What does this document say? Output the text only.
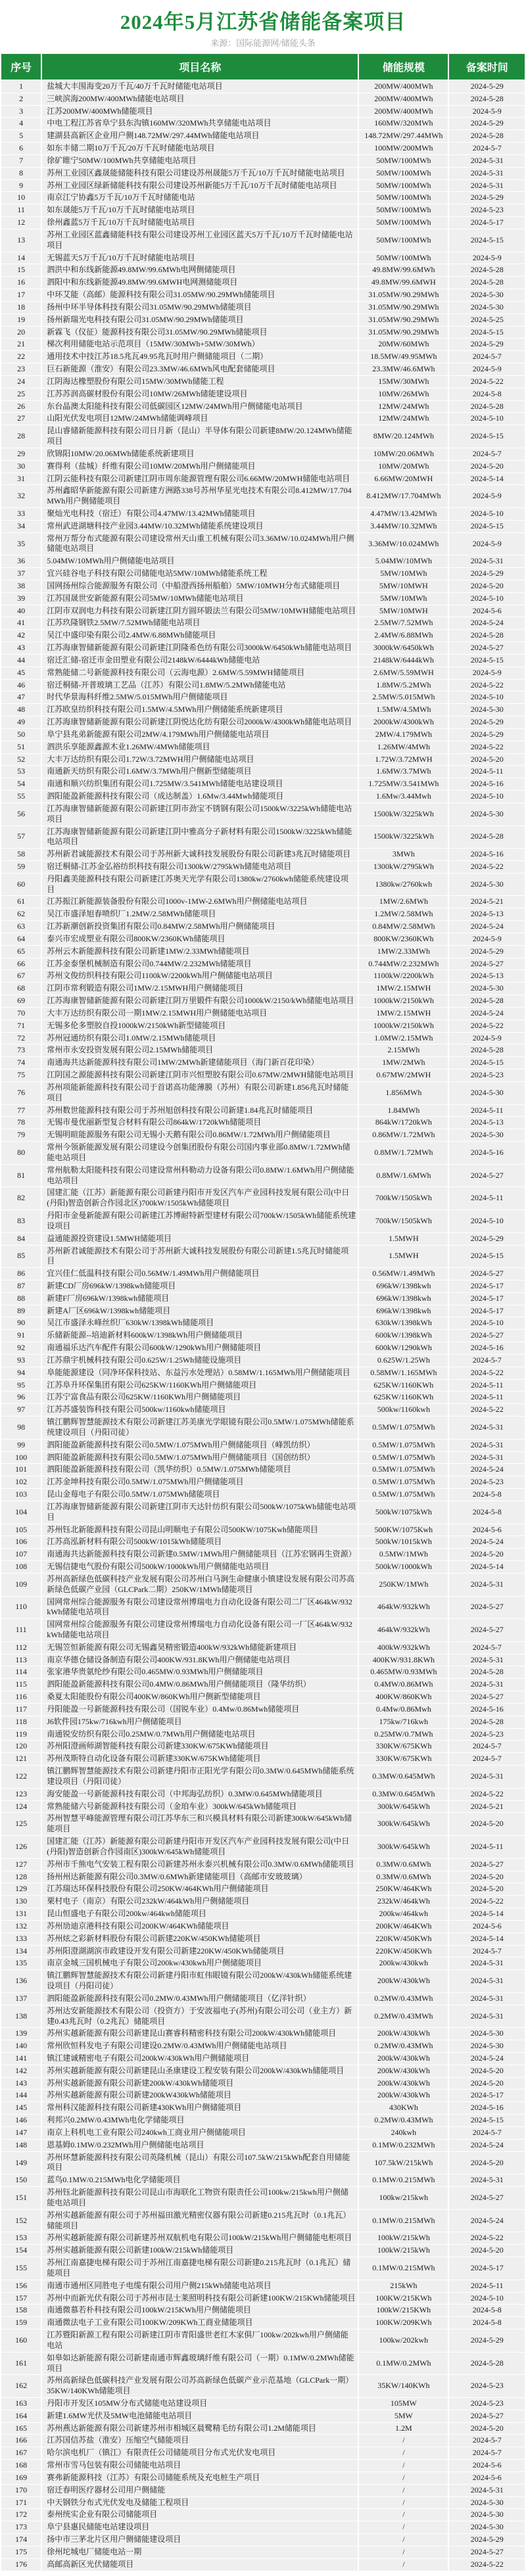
2024年5月江苏省储能备案项目
来源：国际能源网/储能头条
序号	项目名称	储能规模	备案时间
1	盐城大丰围海变20万千瓦/40万千瓦时储能电站项目	200MW/400MWh	2024-5-29
2	三峡滨海200MW/400MWh储能电站项目	200MW/400MWh	2024-5-28
3	江苏200MW/400MWh储能项目	200MW/400MWh	2024-5-9
4	中电工程江苏省阜宁县东沟镇160MW/320MWh共享储能电站项目	160MW/320MWh	2024-5-29
5	建湖县高新区企业用户侧148.72MW/297.44MWh储能电站项目	148.72MW/297.44MWh	2024-5-28
6	如东丰储二期10万千瓦/20万千瓦时储能电站项目	100MW/200MWh	2024-5-7
7	徐矿睢宁50MW/100MWh共享储能电站项目	50MW/100MWh	2024-5-31
8	苏州工业园区鑫晟能储能科技有限公司建设苏州晟能5万千瓦/10万千瓦时储能电站项目	50MW/100MWh	2024-5-31
9	苏州工业园区绿新储能科技有限公司建设苏州新能5万千瓦/10万千瓦时储能电站项目	50MW/100MWh	2024-5-31
10	南京江宁协鑫5万千瓦/10万千瓦时储能电站	50MW/100MWh	2024-5-29
11	如东晟能5万千瓦/10万千瓦时储能电站项目	50MW/100MWh	2024-5-23
12	徐州鑫蓝5万千瓦/10万千瓦时储能电站项目	50MW/100MWh	2024-5-17
13	苏州工业园区蓝鑫储能科技有限公司建设苏州工业园区蓝天5万千瓦/10万千瓦时储能电站项目	50MW/100MWh	2024-5-15
14	无锡蓝天5万千瓦/10万千瓦时储能电站项目	50MW/100MWh	2024-5-9
15	泗洪中和东线新能源49.8MW/99.6MWh电网侧储能项目	49.8MW/99.6MWh	2024-5-28
16	泗阳中和东线新能源49.8MW/99.6MWH电网测储能项目	49.8MW/99.6MWH	2024-5-28
17	中环艾能（高邮）能源科技有限公司31.05MW/90.29MWh储能项目	31.05MW/90.29MWh	2024-5-30
18	扬州中环半导体科技有限公司31.05MW/90.29MWh储能项目	31.05MW/90.29MWh	2024-5-30
19	扬州新瑞光电科技有限公司31.05MW/90.29MWh储能项目	31.05MW/90.29MWh	2024-5-25
20	新霖飞（仪征）能源科技有限公司31.05MW/90.29MWh储能项目	31.05MW/90.29MWh	2024-5-15
21	梯次利用储能电站示范项目（15MW/30MWh+5MW/30MWh）	20MW/60MWh	2024-5-29
22	通用技术中技江苏18.5兆瓦49.95兆瓦时用户侧储能项目（二期）	18.5MW/49.95MWh	2024-5-7
23	巨石新能源（淮安）有限公司23.3MW/46.6MWh风电配套储能项目	23.3MW/46.6MWh	2024-5-9
24	江阴海达橡塑股份有限公司15MW/30MWh储能工程	15MW/30MWh	2024-5-22
25	江苏苏润高碳材股份有限公司10MW/26MWh储能建设项目	10MW/26MWh	2024-5-8
26	东台晶澳太阳能科技有限公司低碳园区12MW/24MWh用户侧储能电站项目	12MW/24MWh	2024-5-28
27	山阳光伏发电项目12MW/24MWh储能调峰项目	12MW/24MWh	2024-5-10
28	昆山睿储新能源科技有限公司日月新（昆山）半导体有限公司新建8MW/20.124MWh储能项目	8MW/20.124MWh	2024-5-15
29	欣锦阳10MW/20.06MWh储能系统新建项目	10MW/20.06MWh	2024-5-7
30	赛得利（盐城）纤维有限公司10MW/20MWh用户侧储能项目	10MW/20MWh	2024-5-20
31	江阴云能科技有限公司新建江阴市周东能源管理有限公司6.66MW/20MWH储能电站项目	6.66MW/20MWH	2024-5-14
32	苏州鑫昭华新能源有限公司新建方洲路338号苏州华星光电技术有限公司8.412MW/17.704MWh用户侧储能项目	8.412MW/17.704MWh	2024-5-9
33	聚灿光电科技（宿迁）有限公司4.47MW/13.42MWh储能项目	4.47MW/13.42MWh	2024-5-10
34	常州武进湖塘科技产业园3.44MW/10.32MWh储能系统建设项目	3.44MW/10.32MWh	2024-5-15
35	常州万帮分布式能源有限公司建设常州天山重工机械有限公司3.36MW/10.024MWh用户侧储能电站项目	3.36MW/10.024MWh	2024-5-9
36	5.04MW/10MWh用户侧储能电站项目	5.04MW/10MWh	2024-5-31
37	宜兴硅谷电子科技有限公司储能电站5MW/10MWh储能系统工程	5MW/10MWh	2024-5-29
38	国网扬州综合能源服务有限公司（中船澄西扬州船舶）5MW/10MWH分布式储能项目	5MW/10MWH	2024-5-20
39	江苏国晟世安新能源有限公司5MW/10MWh储能电站项目	5MW/10MWh	2024-5-10
40	江阴市双润电力科技有限公司新建江阴方圆环锻法兰有限公司5MW/10MWH储能电站项目	5MW/10MWH	2024-5-6
41	江苏玖隆钢铁2.5MW/7.52MWh储能电站项目	2.5MW/7.52MWh	2024-5-24
42	吴江中盛印染有限公司2.4MW/6.88MWh储能项目	2.4MW/6.88MWh	2024-5-28
43	江苏海康智储新能源有限公司新建江阴隆希色纺有限公司3000kW/6450kWh储能电站项目	3000kW/6450kWh	2024-5-27
44	宿迁汇储-宿迁市金田塑业有限公司2148kW/6444kWh储能电站	2148kW/6444kWh	2024-5-15
45	常熟能储二号新能源科技有限公司（云海电源）2.6MW/5.59MWH储能项目	2.6MW/5.59MWH	2024-5-9
46	宿迁桐储-开普玻璃工艺品（江苏）有限公司1.8MW/5.2MWh储能电站	1.8MW/5.2MWh	2024-5-22
47	时代华景海科纤维2.5MW/5.015MWh用户侧储能项目	2.5MW/5.015MWh	2024-5-10
48	江苏欧皇纺织科技有限公司1.5MW/4.5MWh用户侧储能系统新建项目	1.5MW/4.5MWh	2024-5-30
49	江苏海康智储新能源有限公司新建江阴悦达化纺有限公司2000kW/4300kWh储能电站项目	2000kW/4300kWh	2024-5-29
50	阜宁县兆弟新能源有限公司2MW/4.179MWh用户侧储能电站项目	2MW/4.179MWh	2024-5-29
51	泗洪乐享能源鑫源木业1.26MW/4MWh储能项目	1.26MW/4MWh	2024-5-22
52	大丰万达纺织有限公司1.72W/3.72MWH用户侧储能电站项目	1.72W/3.72MWH	2024-5-20
53	南通新天纺织有限公司1.6MW/3.7MWh用户侧新型储能项目	1.6MW/3.7MWh	2024-5-11
54	南通和顺兴纺织集团有限公司1.725MW/3.541MWh储能电站建设项目	1.725MW/3.541MWh	2024-5-16
55	泗阳能盈新能源科技有限公司（成达制盖）1.6Mw/3.44Mwh储能项目	1.6Mw/3.44Mwh	2024-5-10
56	江苏海康智储新能源有限公司新建江阴市劲宝不锈钢有限公司1500kW/3225kWh储能电站项目	1500kW/3225kWh	2024-5-30
57	江苏海康智储新能源有限公司新建江阴中雅高分子新材料有限公司1500kW/3225kWh储能电站项目	1500kW/3225kWh	2024-5-28
58	苏州新君诚能源技术有限公司于苏州新大诚科技发展股份有限公司新建3兆瓦时储能项目	3MWh	2024-5-16
59	宿迁桐储-江苏金弘裕纺织科技有限公司1300kW/2795kWh储能电站项目	1300kW/2795kWh	2024-5-22
60	丹阳鑫美能源科技有限公司新建江苏奥天光学有限公司1380kw/2760kwh储能系统建设项目	1380kw/2760kwh	2024-5-30
61	江苏振江新能源装备股份有限公司1000v-1MW-2.6MWh用户侧储能电站项目	1MW/2.6MWh	2024-5-21
62	吴江市盛泽旭春喷织厂1.2MW/2.58MWh储能项目	1.2MW/2.58MWh	2024-5-13
63	江苏新潮创新投资集团有限公司0.84MW/2.58MWh用户侧储能项目	0.84MW/2.58MWh	2024-5-24
64	泰兴市宏成塑业有限公司800KW/2360KWh储能项目	800KW/2360KWh	2024-5-9
65	苏州云木新能源科技有限公司新建1MW/2.33MWh储能项目	1MW/2.33MWh	2024-5-29
66	江苏金泰堡机械制造有限公司0.744MW/2.232MWh储能项目	0.744MW/2.232MWh	2024-5-27
67	苏州文俊纺织科技有限公司1100kW/2200kWh用户侧储能电站项目	1100kW/2200kWh	2024-5-13
68	江阴市常利锻造有限公司1MW/2.15MWH用户侧储能项目	1MW/2.15MWH	2024-5-30
69	江苏海康智储新能源有限公司新建江阴万里锻件有限公司1000kW/2150/kWh储能电站项目	1000kW/2150kWh	2024-5-28
70	大丰万达纺织有限公司一期1MW/2.15MWH用户侧储能电站项目	1MW/2.15MWH	2024-5-24
71	无锡多伦多塑胶自投1000kW/2150kWh新型储能项目	1000kW/2150kWh	2024-5-22
72	苏州冠通纺织有限公司1.0MW/2.15MWh储能项目	1.0MW/2.15MWh	2024-5-9
73	常州市永安投资发展有限公司2.15MWh储能项目	2.15MWh	2024-5-28
74	南通海共达新能源科技有限公司1MW/2MWh新建储能项目（海门新百花印染）	1MW/2MWh	2024-5-15
75	江阴国之源能源科技有限公司新建江阴市兴恒塑胶有限公司0.67MW/2MWH储能电站项目	0.67MW/2MWH	2024-5-23
76	苏州项能新能源科技有限公司于首诺高功能薄膜（苏州）有限公司新建1.856兆瓦时储能项目	1.856MWh	2024-5-30
77	苏州数世能源科技有限公司于苏州旭创科技有限公司新建1.84兆瓦时储能项目	1.84MWh	2024-5-11
78	无锡市曼优丽新型复合材料有限公司864kW/1720kWh储能项目	864kW/1720kWh	2024-5-13
79	无锡明暄能源服务有限公司无锡小天鹅有限公司0.86MW/1.72MWh用户侧储能项目	0.86MW/1.72MWh	2024-5-30
80	常州今领新能源发展有限公司建设今创集团股份有限公司国内事业部0.8MW/1.72MWh储能电站项目	0.8MW/1.72MWh	2024-5-16
81	常州航勒太阳能科技有限公司建设常州科勒动力设备有限公司0.8MW/1.6MWh用户侧储能电站项目	0.8MW/1.6MWh	2024-5-27
82	国建汇能（江苏）新能源有限公司新建丹阳市开发区汽车产业园科技发展有限公司(中日(丹阳)智造创新合作园北区)700kW/1505kWh储能项目	700kW/1505kWh	2024-5-11
83	丹阳市金曼新能源有限公司新建江苏博耐特新型建材有限公司700kW/1505kWh储能系统建设项目	700kW/1505kWh	2024-5-10
84	益通能源投资建设1.5MWH储能项目	1.5MWH	2024-5-29
85	苏州新君诚能源技术有限公司于苏州新大诚科技发展股份有限公司新建1.5兆瓦时储能项目	1.5MWH	2024-5-15
86	宜兴佳仁低温科技有限公司0.56MW/1.49MWh用户侧储能项目	0.56MW/1.49MWh	2024-5-27
87	新建CD厂房696kW/1398kwh储能项目	696kW/1398kwh	2024-5-17
88	新建F厂房696kW/1398kwh储能项目	696kW/1398kwh	2024-5-17
89	新建A厂区696kW/1398kwh储能项目	696kW/1398kwh	2024-5-17
90	吴江市盛泽永峰丝织厂630kW/1398kWh储能项目	630kW/1398kWh	2024-5-10
91	乐储新能源--培迪新材料600kW/1398kWh用户侧储能项目	600kW/1398kWh	2024-5-27
92	南通福乐达汽车配件有限公司600kW/1290kWh用户侧储能项目	600kW/1290kWh	2024-5-16
93	江苏鼎宇机械科技有限公司0.625W/1.25Wh储能设施项目	0.625W/1.25Wh	2024-5-7
94	阜能能源建设（同净环保科技站、东益污水处理站）0.58MW/1.165MWh用户侧储能项目	0.58MW/1.165MWh	2024-5-22
95	江苏阜升环保集团有限公司625KW/1160KWh用户侧储能项目	625KW/1160KWh	2024-5-11
96	江苏宁富食品有限公司625KW/1160KWh用户侧储能项目	625KW/1160KWh	2024-5-11
97	江苏苏盛装饰科技有限公司500kw/1160kwh储能项目	500kw/1160kwh	2024-5-22
98	镇江鹏辉智慧能源技术有限公司新建江苏美康光学眼镜有限公司0.5MW/1.075MWh储能系统建设项目（丹阳司徒）	0.5MW/1.075MWh	2024-5-31
99	泗阳能盈新能源科技有限公司0.5MW/1.075MWh用户侧储能项目（峰凯纺织）	0.5MW/1.075MWh	2024-5-31
100	泗阳能盈新能源科技有限公司0.5MW/1.075MWh用户侧储能项目（国创纺织）	0.5MW/1.075MWh	2024-5-31
101	泗阳能盈新能源科技有限公司（凯华纺织）0.5MW/1.075MWh储能项目	0.5MW/1.075MWh	2024-5-24
102	江苏金坤科技有限公司0.5MW/1.075MWh用户侧储能项目	0.5MW/1.075MWh	2024-5-23
103	昆山金莓电子有限公司0.5MW/1.075MWh储能项目	0.5MW/1.075MWh	2024-5-8
104	江苏海康智储新能源有限公司新建江阴市天达针纺织有限公司500kW/1075kWh储能电站项目	500kW/1075kWh	2024-5-8
105	苏州钰北新能源科技有限公司昆山明顺电子有限公司500KW/1075Kwh储能项目	500KW/1075Kwh	2024-5-6
106	江苏高泓新材料有限公司500kW/1015kWh储能项目	500kW/1015kWh	2024-5-24
107	南通海共达新能源科技有限公司新建0.5MW/1MWh用户侧储能项目（江苏宏钢再生资源）	0.5MW/1MWh	2024-5-20
108	无锡信捷电气股份有限公司500kW/1000kWh用户侧储能电站项目	500kW/1000kWh	2024-5-14
109	苏州高新绿色低碳科技产业发展有限公司苏州白马涧生命健康小镇建设发展有限公司苏高新绿色低碳产业园（GLCPark二期）250KW/1MWh储能项目	250KW/1MWh	2024-5-31
110	国网常州综合能源服务有限公司建设常州博瑞电力自动化设备有限公司二厂区464kW/932kWh储能电站项目	464kW/932kWh	2024-5-27
111	国网常州综合能源服务有限公司建设常州博瑞电力自动化设备有限公司一厂区464kW/932kWh储能电站项目	464kW/932kWh	2024-5-27
112	无锡笠恒新能源有限公司无锡鑫昊精密锻造400kW/932kWh储能新建项目	400kW/932kWh	2024-5-7
113	南京华德仓储设备制造有限公司400KW/931.8KWh用户侧储能电站项目	400KW/931.8KWh	2024-5-31
114	张家港华贵氨纶纱有限公司0.465MW/0.93MWh用户侧储能项目	0.465MW/0.93MWh	2024-5-28
115	泗阳能盈新能源科技有限公司0.4MW/0.86MWh用户侧储能项目（隆华纺织）	0.4MW/0.86MWh	2024-5-31
116	桑夏太阳能股份有限公司400KW/860KWh用户侧新型储能项目	400KW/860KWh	2024-5-27
117	丹阳能盈一号新能源科技有限公司（国锐车业）0.4Mw/0.86Mwh储能项目	0.4Mw/0.86Mwh	2024-5-16
118	J6软件园175kw/716kwh用户侧储能项目	175kw/716kwh	2024-5-28
119	南通锐安纺织有限公司0.25MW/0.7MWh用户侧储能电站项目	0.25MW/0.7MWh	2024-5-23
120	苏州阳澄画师湖智能科技有限公司新建330KW/675KWh储能项目	330KW/675KWh	2024-5-7
121	苏州茂斯特自动化设备有限公司新建330KW/675KWh储能项目	330KW/675KWh	2024-5-7
122	镇江鹏辉智慧能源技术有限公司新建丹阳市正阳光学有限公司0.3MW/0.645MWh储能系统建设项目（丹阳司徒）	0.3MW/0.645MWh	2024-5-31
123	海安能盈一号新能源科技有限公司（中邦海弘纺织）0.3MW/0.645MWh储能项目	0.3MW/0.645MWh	2024-5-22
124	常熟能储六号新能源科技有限公司（金珀车业）300kW/645kWh储能项目	300kW/645kWh	2024-5-21
125	苏州智慧平峰能源管理有限公司江苏华东三和兴模具材料有限公司新建300kW/645kWh储能项目	300kW/645kWh	2024-5-20
126	国建汇能（江苏）新能源有限公司新建丹阳市开发区汽车产业园科技发展有限公司(中日(丹阳)智造创新合作园南区)300kW/645kWh储能项目	300kW/645kWh	2024-5-11
127	苏州市千熊电气安装工程有限公司新建苏州永泰兴机械有限公司0.3MW/0.6MWh储能项目	0.3MW/0.6MWh	2024-5-27
128	扬州州达新能源有限公司0.3MW/0.6MWh新建储能项目（高邮市安玻玻璃）	0.3MW/0.6MWh	2024-5-20
129	江苏瑞达环保科技股份有限公司250KW/464KWh用户侧储能项目	250KW/464KWh	2024-5-20
130	栗村电子（南京）有限公司232kW/464kWh用户侧储能项目	232kW/464kWh	2024-5-22
131	昆山恒盛电子有限公司200kw/464kwh储能项目	200kw/464kwh	2024-5-14
132	苏州劢迪京港科技有限公司200KW/464KWh储能项目	200KW/464KWh	2024-5-6
133	苏州炫之彩新材料股份有限公司新建220KW/450KWh储能项目	220KW/450KWh	2024-5-14
134	苏州阳澄湖湖滨市政建设开发有限公司新建220KW/450KWh储能项目	220KW/450KWh	2024-5-7
135	南京金城三国机械电子有限公司200kw/430kwh用户侧储能项目	200kw/430kwh	2024-5-31
136	镇江鹏辉智慧能源技术有限公司新建丹阳市虹伟眼镜有限公司200kW/430kWh储能系统建设项目（丹阳司徒）	200kW/430kWh	2024-5-31
137	泗阳能盈新能源科技有限公司0.2MW/0.43MWh用户侧储能项目（亿洋针织）	0.2MW/0.43MWh	2024-5-31
138	苏州达安新能源技术有限公司（投资方）于安波福电子(苏州)有限公司公司（业主方）新建0.43兆瓦时（0.2兆瓦）储能项目	0.2MW/0.43MWh	2024-5-31
139	苏州实越新能源有限公司新建昆山赛睿科精密科技有限公司200kW/430kWh储能项目	200kW/430kWh	2024-5-30
140	常州欣恒科发电子有限公司建设0.2MW/0.43MWh用户侧储能电站项目	0.2MW/0.43MWh	2024-5-30
141	镇江建诚精密电子有限公司200kW/430kWh用户侧储能项目	200kW/430kWh	2024-5-24
142	苏州实越新能源有限公司新建昆山圣康建设工程安装有限公司200kW/430kWh储能项目	200kW/430kWh	2024-5-20
143	苏州实越新能源有限公司新建200kW/430kWh储能项目	200kW/430kWh	2024-5-20
144	苏州实越新能源有限公司新建200kW430kWh储能项目	200kW/430kWh	2024-5-17
145	常州科汉能源科技有限公司新建430KWh用户侧储能项目	430KWh	2024-5-16
146	利邦兴0.2MW/0.43MWh电化学储能项目	0.2MW/0.43MWh	2024-5-15
147	南京上科机电工业有限公司240kwh工商业用户侧储能项目	240kwh	2024-5-7
148	恩基姆0.1MW/0.232MWh用户侧储能电站项目	0.1MW/0.232MWh	2024-5-24
149	苏州环慧新能源科技有限公司英隆机械（昆山）有限公司107.5kW/215kWh配套自用储能项目	107.5kW/215kWh	2024-5-20
150	蓝鸟0.1MW/0.215MWh电化学储能项目	0.1MW/0.215MWh	2024-5-31
151	苏州钰北新能源科技有限公司昆山市海联化工物资有限责任公司100kw/215kwh用户侧储能电站项目	100kw/215kwh	2024-5-27
152	苏州实越新能源有限公司于苏州福田激光精密仪器有限公司新建0.215兆瓦时（0.1兆瓦）储能项目	0.1MW/0.215MWh	2024-5-24
153	苏州实越新能源有限公司新建苏州双航机电有限公司100kW/215kWh用户侧储能电柜项目	100kW/215kWh	2024-5-22
154	苏州实越新能源有限公司新建100kW/215kWh储能项目	100kW/215kWh	2024-5-20
155	苏州江南嘉捷电梯有限公司于苏州江南嘉捷电梯有限公司新建0.215兆瓦时（0.1兆瓦）储能项目	0.1MW/0.215MWh	2024-5-17
156	南通市通州区同胜电子电缆有限公司用户侧215kWh储能电站项目	215kWh	2024-5-11
157	苏州中而新光伏有限公司于苏州市昆士莱照明科技有限公司新建100KW/215KWh储能项目	100KW/215KWh	2024-5-10
158	南通微慕若朴科技有限公司100kW/215KWh用户侧储能项目	100kW/215KWh	2024-5-8
159	南通微法电子工业有限公司100KW/209KWh工商业储能项目	100KW/209KWh	2024-5-8
160	江苏暨阳新源工程有限公司新建江阴市青阳盛世老红木家俱厂100kw/202kwh用户侧储能电站	100kw/202kwh	2024-5-29
161	如皋如达新能源有限公司新建南通市辉鑫玻璃纤维有限公司（一期）0.1MW/0.2MWh储能项目	0.1MW/0.2MWh	2024-5-28
162	苏州高新绿色低碳科技产业发展有限公司苏高新绿色低碳产业示范基地（GLCPark一期）35KW/140KWh储能项目	35KW/140KWh	2024-5-23
163	丹阳市开发区105MW分布式储能电站建设项目	105MW	2024-5-23
164	新建1.6MW光伏及5MW电池储能电站项目	5MW	2024-5-27
165	苏州燕达新能源有限公司新建苏州市相城区晨鹭精毛纺有限公司1.2M储能项目	1.2M	2024-5-20
166	江苏国信苏盐（淮安）压缩空气储能项目	/	2024-5-7
167	哈尔滨电机厂（镇江）有限责任公司储能项目分布式光伏发电项目	/	2024-5-7
168	常州市雪马包装有限公司储能电站项目	/	2024-5-6
169	赛弗新能源科技（江苏）有限公司储能系统及充电桩生产项目	/	2024-5-6
170	宿迁春明医疗器材公司用户侧储能	/	2024-5-31
171	中天钢铁分布式光伏发电及储能工程项目	/	2024-5-30
172	泰州统实企业有限公司储能项目	/	2024-5-30
173	阜宁县惠民储能电站建设项目	/	2024-5-30
174	扬中市三茅北片区用户侧储能建设项目	/	2024-5-29
175	徐州坨城电厂储能电站一期	/	2024-5-27
176	高邮高新区光伏储能项目	/	2024-5-22
